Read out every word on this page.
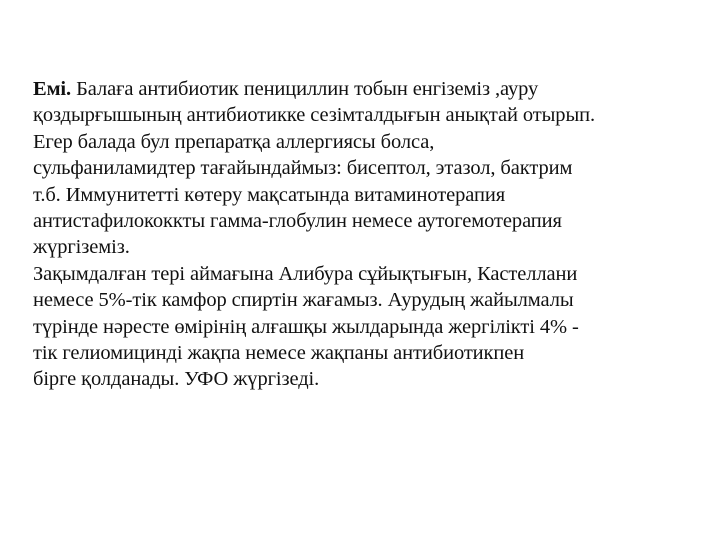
Емі. Балаға антибиотик пенициллин тобын енгіземіз ,ауру
қоздырғышының антибиотикке сезімталдығын анықтай отырып.
Егер балада бул препаратқа аллергиясы болса,
сульфаниламидтер тағайындаймыз: бисептол, этазол, бактрим
т.б. Иммунитетті көтеру мақсатында витаминотерапия
антистафилококкты гамма-глобулин немесе аутогемотерапия
жүргіземіз.
Зақымдалған тері аймағына Алибура сұйықтығын, Кастеллани
немесе 5%-тік камфор спиртін жағамыз. Аурудың жайылмалы
түрінде нәресте өмірінің алғашқы жылдарында жергілікті 4% -
тік гелиомицинді жақпа немесе жақпаны антибиотикпен
бірге қолданады. УФО жүргізеді.
